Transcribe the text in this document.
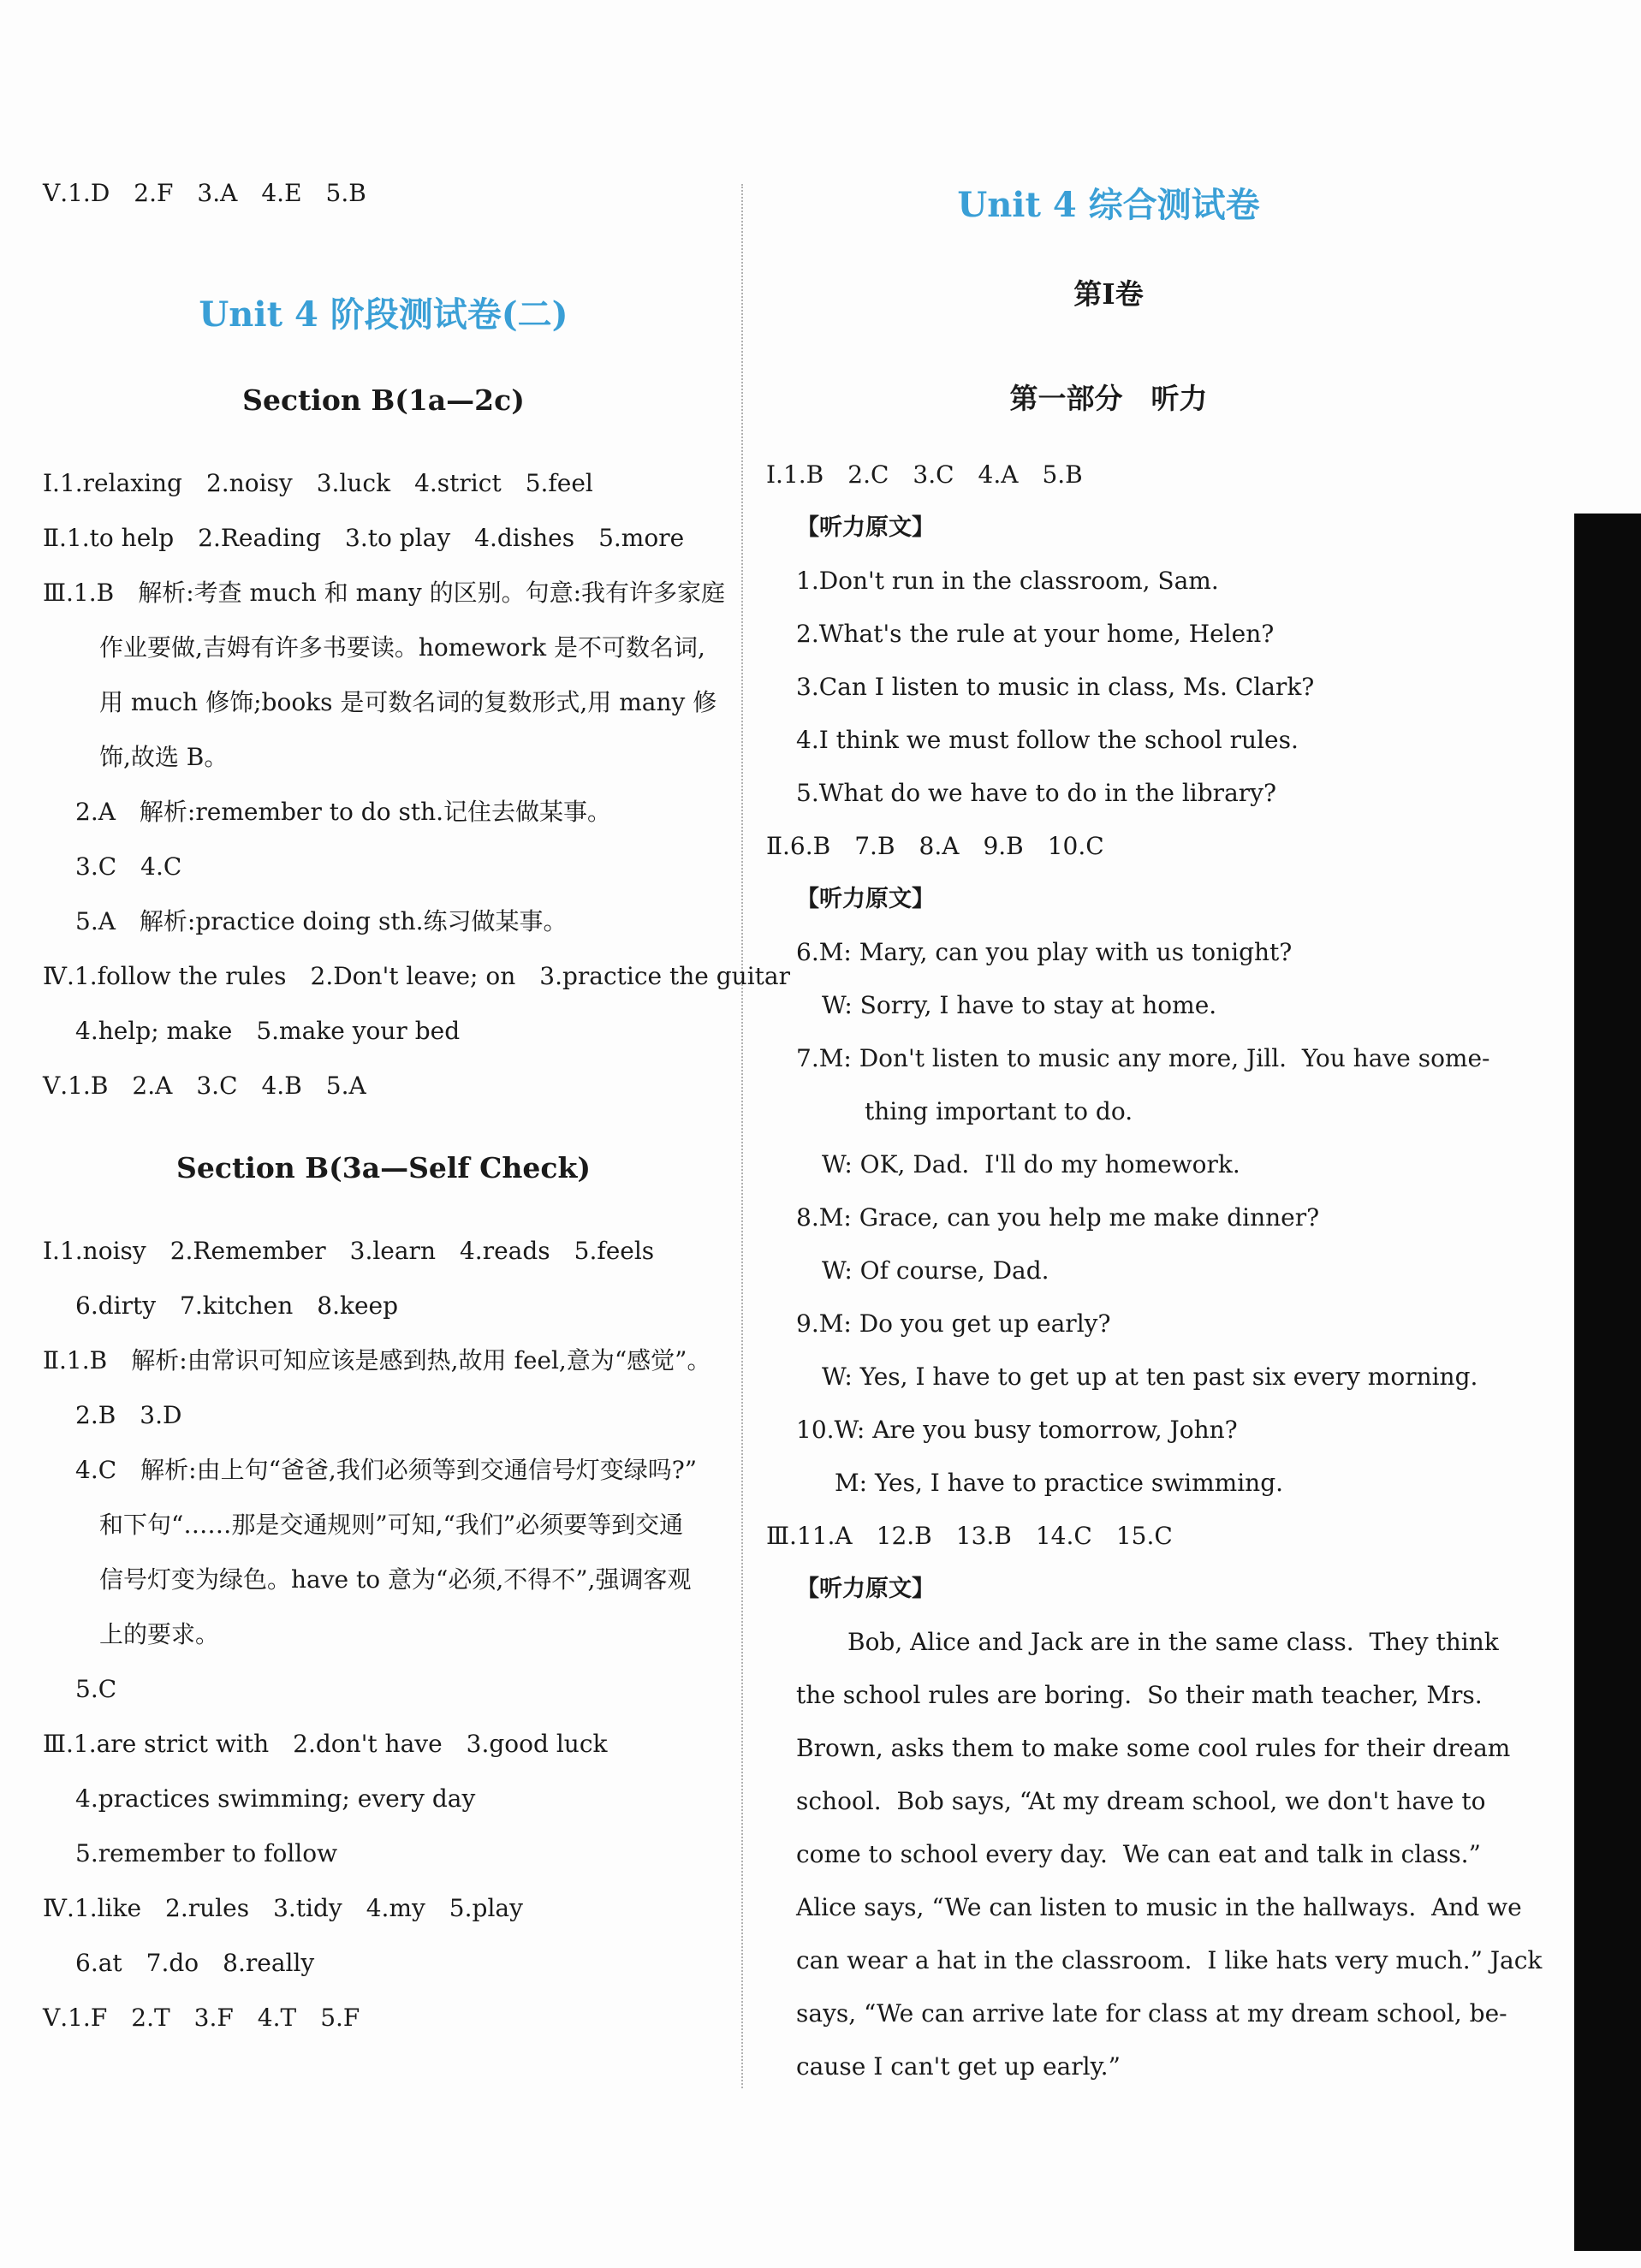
Ⅴ.1.D　2.F　3.A　4.E　5.B
Unit 4 阶段测试卷(二)
Section B(1a—2c)
Ⅰ.1.relaxing　2.noisy　3.luck　4.strict　5.feel
Ⅱ.1.to help　2.Reading　3.to play　4.dishes　5.more
Ⅲ.1.B　解析:考查 much 和 many 的区别。句意:我有许多家庭
作业要做,吉姆有许多书要读。homework 是不可数名词,
用 much 修饰;books 是可数名词的复数形式,用 many 修
饰,故选 B。
2.A　解析:remember to do sth.记住去做某事。
3.C　4.C
5.A　解析:practice doing sth.练习做某事。
Ⅳ.1.follow the rules　2.Don't leave; on　3.practice the guitar
4.help; make　5.make your bed
Ⅴ.1.B　2.A　3.C　4.B　5.A
Section B(3a—Self Check)
Ⅰ.1.noisy　2.Remember　3.learn　4.reads　5.feels
6.dirty　7.kitchen　8.keep
Ⅱ.1.B　解析:由常识可知应该是感到热,故用 feel,意为“感觉”。
2.B　3.D
4.C　解析:由上句“爸爸,我们必须等到交通信号灯变绿吗?”
和下句“……那是交通规则”可知,“我们”必须要等到交通
信号灯变为绿色。have to 意为“必须,不得不”,强调客观
上的要求。
5.C
Ⅲ.1.are strict with　2.don't have　3.good luck
4.practices swimming; every day
5.remember to follow
Ⅳ.1.like　2.rules　3.tidy　4.my　5.play
6.at　7.do　8.really
Ⅴ.1.F　2.T　3.F　4.T　5.F
Unit 4 综合测试卷
第Ⅰ卷
第一部分　听力
Ⅰ.1.B　2.C　3.C　4.A　5.B
【听力原文】
1.Don't run in the classroom, Sam.
2.What's the rule at your home, Helen?
3.Can I listen to music in class, Ms. Clark?
4.I think we must follow the school rules.
5.What do we have to do in the library?
Ⅱ.6.B　7.B　8.A　9.B　10.C
【听力原文】
6.M: Mary, can you play with us tonight?
W: Sorry, I have to stay at home.
7.M: Don't listen to music any more, Jill.  You have some-
thing important to do.
W: OK, Dad.  I'll do my homework.
8.M: Grace, can you help me make dinner?
W: Of course, Dad.
9.M: Do you get up early?
W: Yes, I have to get up at ten past six every morning.
10.W: Are you busy tomorrow, John?
M: Yes, I have to practice swimming.
Ⅲ.11.A　12.B　13.B　14.C　15.C
【听力原文】
Bob, Alice and Jack are in the same class.  They think
the school rules are boring.  So their math teacher, Mrs.
Brown, asks them to make some cool rules for their dream
school.  Bob says, “At my dream school, we don't have to
come to school every day.  We can eat and talk in class.”
Alice says, “We can listen to music in the hallways.  And we
can wear a hat in the classroom.  I like hats very much.” Jack
says, “We can arrive late for class at my dream school, be-
cause I can't get up early.”
